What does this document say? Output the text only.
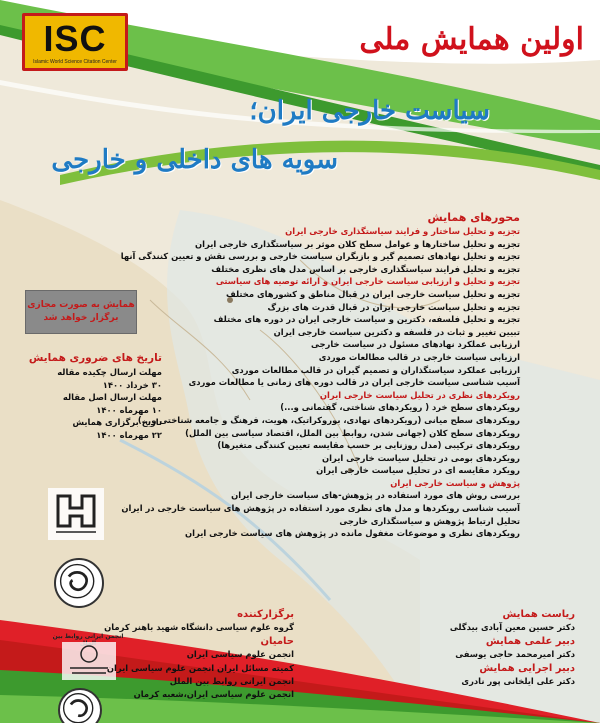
ISC
Islamic World Science Citation Center
اولین همایش ملی
سیاست خارجی ایران؛
سویه های داخلی و خارجی
محورهای همایش
تجزیه و تحلیل ساختار و فرایند سیاستگذاری خارجی ایران
تجزیه و تحلیل ساختارها و عوامل سطح کلان موثر بر سیاستگذاری خارجی ایران
تجزیه و تحلیل نهادهای تصمیم گیر و بازیگران سیاست خارجی و بررسی نقش و تعیین کنندگی آنها
تجزیه و تحلیل فرایند سیاستگذاری خارجی بر اساس مدل های نظری مختلف
تجزیه و تحلیل و ارزیابی سیاست خارجی ایران و ارائه توصیه های سیاستی
تجزیه و تحلیل سیاست خارجی ایران در قبال مناطق و کشورهای مختلف
تجزیه و تحلیل سیاست خارجی ایران در قبال قدرت های بزرگ
تجزیه و تحلیل فلسفه، دکترین و سیاست خارجی ایران در دوره های مختلف
تبیین تغییر و ثبات در فلسفه و دکترین سیاست خارجی ایران
ارزیابی عملکرد نهادهای مسئول در سیاست خارجی
ارزیابی سیاست خارجی در قالب مطالعات موردی
ارزیابی عملکرد سیاستگذاران و تصمیم گیران در قالب مطالعات موردی
آسیب شناسی سیاست خارجی ایران در قالب دوره های زمانی یا مطالعات موردی
رویکردهای نظری در تحلیل سیاست خارجی ایران
رویکردهای سطح خرد ( رویکردهای شناختی، گفتمانی و...)
رویکردهای سطح میانی (رویکردهای نهادی، بوروکراتیک، هویت، فرهنگ و جامعه شناختی و...)
رویکردهای سطح کلان (جهانی شدن، روابط بین الملل، اقتصاد سیاسی بین الملل)
رویکردهای ترکیبی (مدل روزنایی بر حسب مقایسه تعیین کنندگی متغیرها)
رویکردهای بومی در تحلیل سیاست خارجی ایران
رویکرد مقایسه ای در تحلیل سیاست خارجی ایران
پژوهش و سیاست خارجی ایران
بررسی روش های مورد استفاده در پژوهش-های سیاست خارجی ایران
آسیب شناسی رویکردها و مدل های نظری مورد استفاده در پژوهش های سیاست خارجی در ایران
تحلیل ارتباط پژوهش و سیاستگذاری خارجی
رویکردهای نظری و موضوعات مغفول مانده در پژوهش های سیاست خارجی ایران
همایش به صورت مجازی
برگزار خواهد شد
تاریخ های ضروری همایش
مهلت ارسال چکیده مقاله
۳۰ خرداد ۱۴۰۰
مهلت ارسال اصل مقاله
۱۰ مهرماه ۱۴۰۰
تاریخ برگزاری همایش
۲۲ مهرماه ۱۴۰۰
انجمن ایرانی روابط بین
برگزارکننده
گروه علوم سیاسی دانشگاه شهید باهنر کرمان
حامیان
انجمن علوم سیاسی ایران
کمیته مسائل ایران انجمن علوم سیاسی ایران
انجمن ایرانی روابط بین الملل
انجمن علوم سیاسی ایران،شعبه کرمان
ریاست همایش
دکتر حسین معین آبادی بیدگلی
دبیر علمی همایش
دکتر امیرمحمد حاجی یوسفی
دبیر اجرایی همایش
دکتر علی ایلخانی پور نادری
